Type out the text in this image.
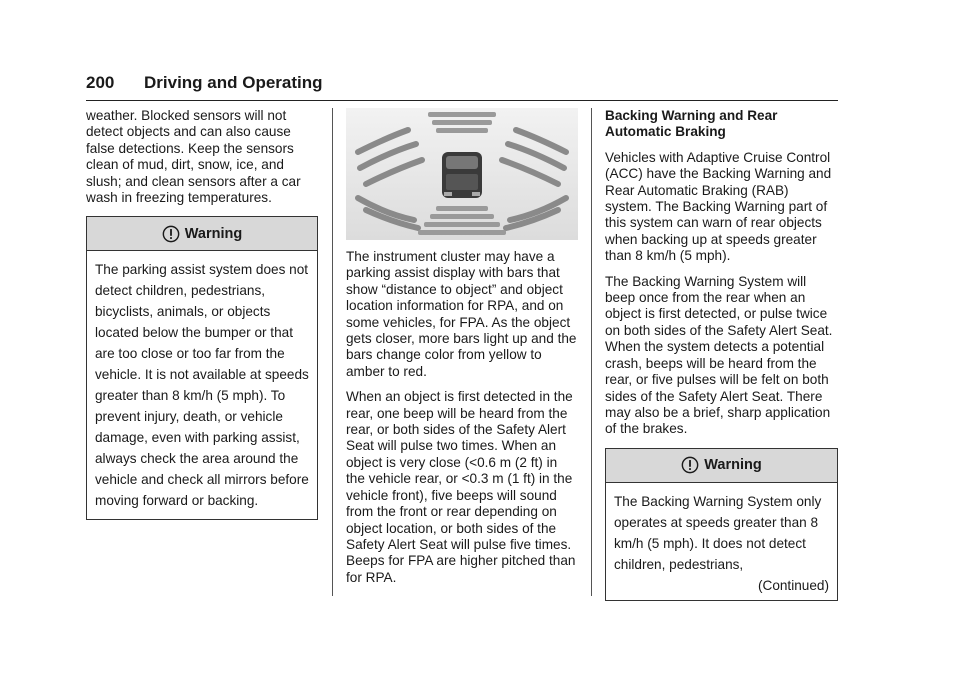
200 Driving and Operating

weather. Blocked sensors will not detect objects and can also cause false detections. Keep the sensors clean of mud, dirt, snow, ice, and slush; and clean sensors after a car wash in freezing temperatures.

Warning
The parking assist system does not detect children, pedestrians, bicyclists, animals, or objects located below the bumper or that are too close or too far from the vehicle. It is not available at speeds greater than 8 km/h (5 mph). To prevent injury, death, or vehicle damage, even with parking assist, always check the area around the vehicle and check all mirrors before moving forward or backing.

The instrument cluster may have a parking assist display with bars that show “distance to object” and object location information for RPA, and on some vehicles, for FPA. As the object gets closer, more bars light up and the bars change color from yellow to amber to red.

When an object is first detected in the rear, one beep will be heard from the rear, or both sides of the Safety Alert Seat will pulse two times. When an object is very close (<0.6 m (2 ft) in the vehicle rear, or <0.3 m (1 ft) in the vehicle front), five beeps will sound from the front or rear depending on object location, or both sides of the Safety Alert Seat will pulse five times. Beeps for FPA are higher pitched than for RPA.

Backing Warning and Rear Automatic Braking

Vehicles with Adaptive Cruise Control (ACC) have the Backing Warning and Rear Automatic Braking (RAB) system. The Backing Warning part of this system can warn of rear objects when backing up at speeds greater than 8 km/h (5 mph).

The Backing Warning System will beep once from the rear when an object is first detected, or pulse twice on both sides of the Safety Alert Seat. When the system detects a potential crash, beeps will be heard from the rear, or five pulses will be felt on both sides of the Safety Alert Seat. There may also be a brief, sharp application of the brakes.

Warning
The Backing Warning System only operates at speeds greater than 8 km/h (5 mph). It does not detect children, pedestrians,
(Continued)
